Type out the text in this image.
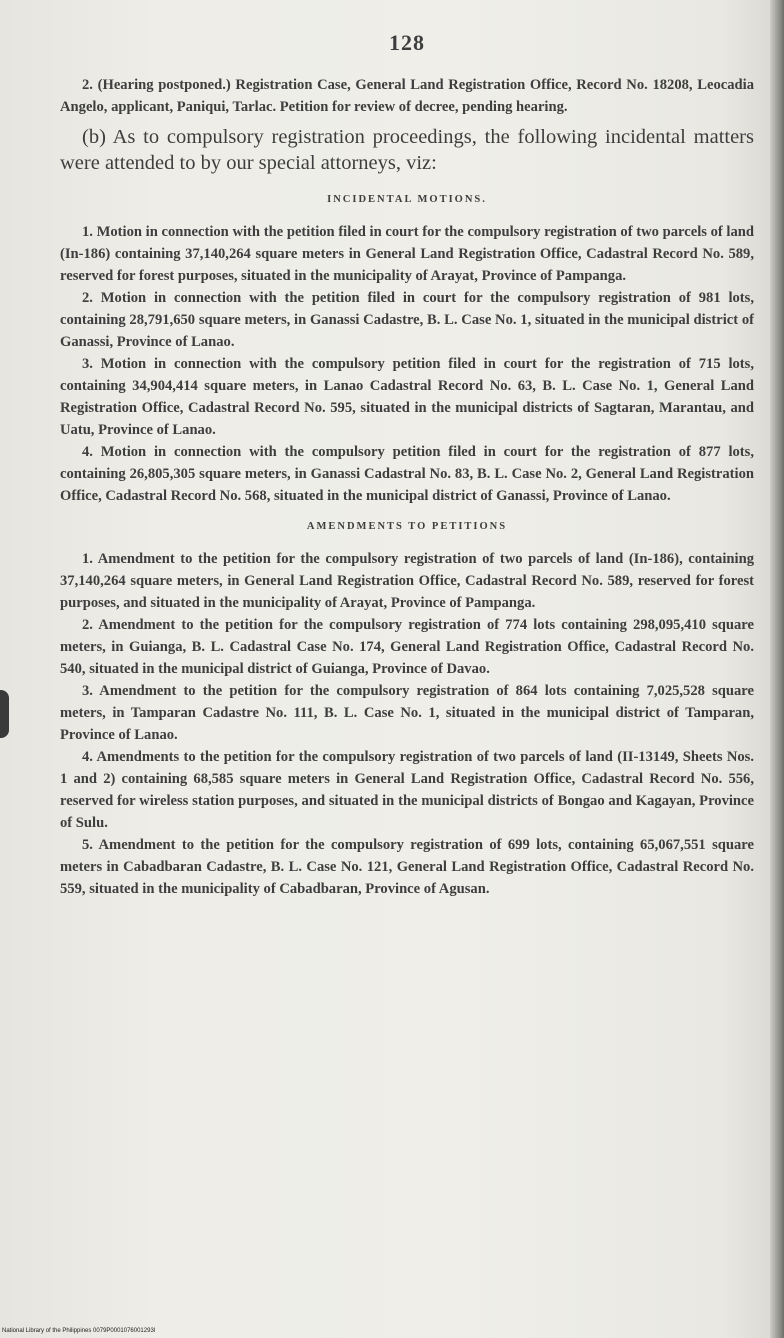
128

2. (Hearing postponed.) Registration Case, General Land Registration Office, Record No. 18208, Leocadia Angelo, applicant, Paniqui, Tarlac. Petition for review of decree, pending hearing.

(b) As to compulsory registration proceedings, the following incidental matters were attended to by our special attorneys, viz:

INCIDENTAL MOTIONS.

1. Motion in connection with the petition filed in court for the compulsory registration of two parcels of land (In-186) containing 37,140,264 square meters in General Land Registration Office, Cadastral Record No. 589, reserved for forest purposes, situated in the municipality of Arayat, Province of Pampanga.

2. Motion in connection with the petition filed in court for the compulsory registration of 981 lots, containing 28,791,650 square meters, in Ganassi Cadastre, B. L. Case No. 1, situated in the municipal district of Ganassi, Province of Lanao.

3. Motion in connection with the compulsory petition filed in court for the registration of 715 lots, containing 34,904,414 square meters, in Lanao Cadastral Record No. 63, B. L. Case No. 1, General Land Registration Office, Cadastral Record No. 595, situated in the municipal districts of Sagtaran, Marantau, and Uatu, Province of Lanao.

4. Motion in connection with the compulsory petition filed in court for the registration of 877 lots, containing 26,805,305 square meters, in Ganassi Cadastral No. 83, B. L. Case No. 2, General Land Registration Office, Cadastral Record No. 568, situated in the municipal district of Ganassi, Province of Lanao.

AMENDMENTS TO PETITIONS

1. Amendment to the petition for the compulsory registration of two parcels of land (In-186), containing 37,140,264 square meters, in General Land Registration Office, Cadastral Record No. 589, reserved for forest purposes, and situated in the municipality of Arayat, Province of Pampanga.

2. Amendment to the petition for the compulsory registration of 774 lots containing 298,095,410 square meters, in Guianga, B. L. Cadastral Case No. 174, General Land Registration Office, Cadastral Record No. 540, situated in the municipal district of Guianga, Province of Davao.

3. Amendment to the petition for the compulsory registration of 864 lots containing 7,025,528 square meters, in Tamparan Cadastre No. 111, B. L. Case No. 1, situated in the municipal district of Tamparan, Province of Lanao.

4. Amendments to the petition for the compulsory registration of two parcels of land (II-13149, Sheets Nos. 1 and 2) containing 68,585 square meters in General Land Registration Office, Cadastral Record No. 556, reserved for wireless station purposes, and situated in the municipal districts of Bongao and Kagayan, Province of Sulu.

5. Amendment to the petition for the compulsory registration of 699 lots, containing 65,067,551 square meters in Cabadbaran Cadastre, B. L. Case No. 121, General Land Registration Office, Cadastral Record No. 559, situated in the municipality of Cabadbaran, Province of Agusan.

National Library of the Philippines 0079P0001076001293l
